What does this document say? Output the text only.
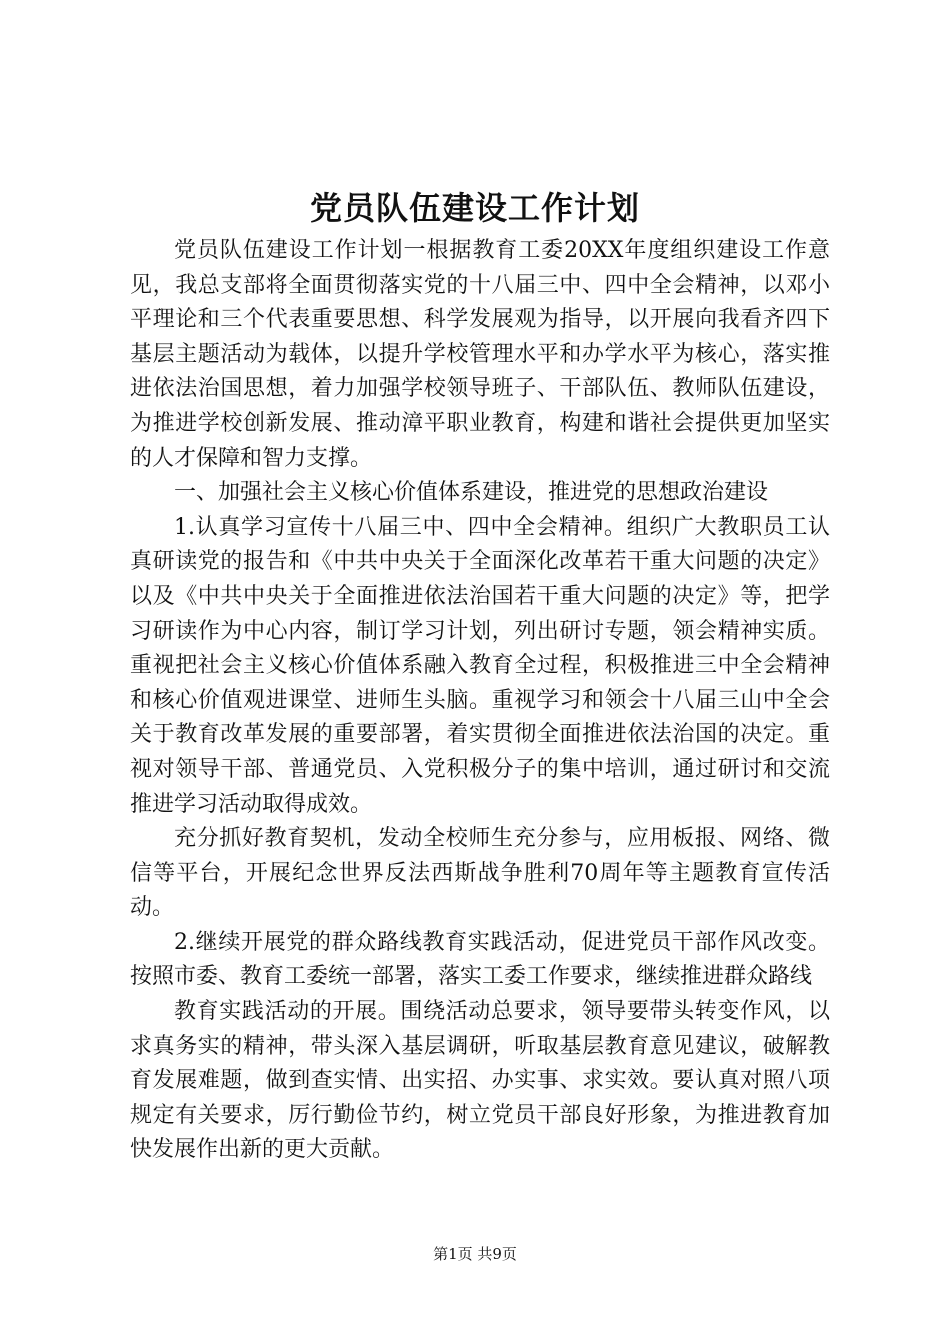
党员队伍建设工作计划

党员队伍建设工作计划一根据教育工委20XX年度组织建设工作意见，我总支部将全面贯彻落实党的十八届三中、四中全会精神，以邓小平理论和三个代表重要思想、科学发展观为指导，以开展向我看齐四下基层主题活动为载体，以提升学校管理水平和办学水平为核心，落实推进依法治国思想，着力加强学校领导班子、干部队伍、教师队伍建设，为推进学校创新发展、推动漳平职业教育，构建和谐社会提供更加坚实的人才保障和智力支撑。

一、加强社会主义核心价值体系建设，推进党的思想政治建设

1.认真学习宣传十八届三中、四中全会精神。组织广大教职员工认真研读党的报告和《中共中央关于全面深化改革若干重大问题的决定》以及《中共中央关于全面推进依法治国若干重大问题的决定》等，把学习研读作为中心内容，制订学习计划，列出研讨专题，领会精神实质。重视把社会主义核心价值体系融入教育全过程，积极推进三中全会精神和核心价值观进课堂、进师生头脑。重视学习和领会十八届三山中全会关于教育改革发展的重要部署，着实贯彻全面推进依法治国的决定。重视对领导干部、普通党员、入党积极分子的集中培训，通过研讨和交流推进学习活动取得成效。

充分抓好教育契机，发动全校师生充分参与，应用板报、网络、微信等平台，开展纪念世界反法西斯战争胜利70周年等主题教育宣传活动。

2.继续开展党的群众路线教育实践活动，促进党员干部作风改变。按照市委、教育工委统一部署，落实工委工作要求，继续推进群众路线

教育实践活动的开展。围绕活动总要求，领导要带头转变作风，以求真务实的精神，带头深入基层调研，听取基层教育意见建议，破解教育发展难题，做到查实情、出实招、办实事、求实效。要认真对照八项规定有关要求，厉行勤俭节约，树立党员干部良好形象，为推进教育加快发展作出新的更大贡献。

第1页 共9页
